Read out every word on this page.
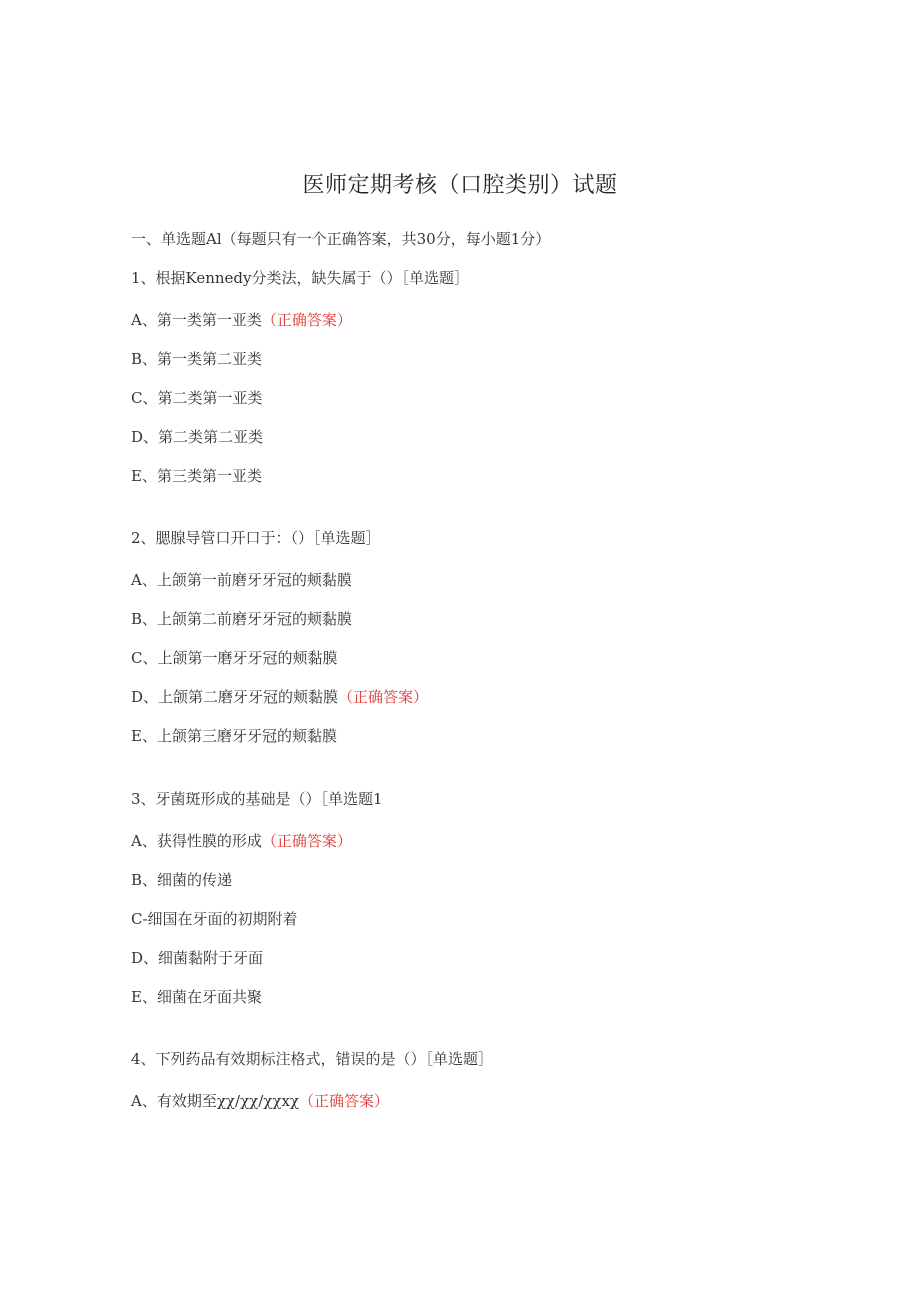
医师定期考核（口腔类别）试题
一、单选题Al（每题只有一个正确答案，共30分，每小题1分）
1、根据Kennedy分类法，缺失属于（）［单选题］
A、第一类第一亚类（正确答案）
B、第一类第二亚类
C、第二类第一亚类
D、第二类第二亚类
E、第三类第一亚类
2、腮腺导管口开口于：（）［单选题］
A、上颌第一前磨牙牙冠的颊黏膜
B、上颌第二前磨牙牙冠的颊黏膜
C、上颌第一磨牙牙冠的颊黏膜
D、上颌第二磨牙牙冠的颊黏膜（正确答案）
E、上颌第三磨牙牙冠的颊黏膜
3、牙菌斑形成的基础是（）［单选题1
A、获得性膜的形成（正确答案）
B、细菌的传递
C-细国在牙面的初期附着
D、细菌黏附于牙面
E、细菌在牙面共聚
4、下列药品有效期标注格式，错误的是（）［单选题］
A、有效期至χχ/χχ/χχxχ（正确答案）
